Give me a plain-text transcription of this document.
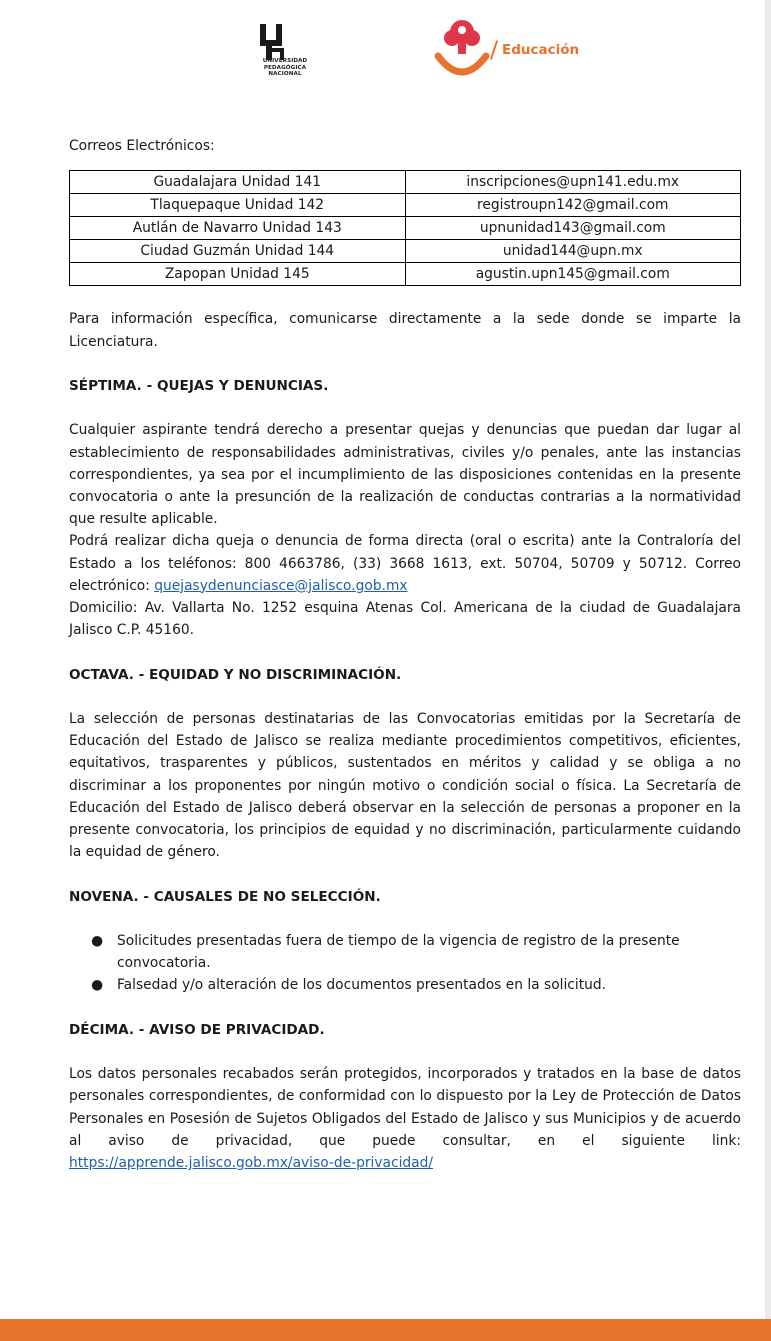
UNIVERSIDAD
PEDAGÓGICA
NACIONAL
Educación

Correos Electrónicos:

Guadalajara Unidad 141	inscripciones@upn141.edu.mx
Tlaquepaque Unidad 142	registroupn142@gmail.com
Autlán de Navarro Unidad 143	upnunidad143@gmail.com
Ciudad Guzmán Unidad 144	unidad144@upn.mx
Zapopan Unidad 145	agustin.upn145@gmail.com

Para información específica, comunicarse directamente a la sede donde se imparte la Licenciatura.

SÉPTIMA. - QUEJAS Y DENUNCIAS.

Cualquier aspirante tendrá derecho a presentar quejas y denuncias que puedan dar lugar al establecimiento de responsabilidades administrativas, civiles y/o penales, ante las instancias correspondientes, ya sea por el incumplimiento de las disposiciones contenidas en la presente convocatoria o ante la presunción de la realización de conductas contrarias a la normatividad que resulte aplicable.

Podrá realizar dicha queja o denuncia de forma directa (oral o escrita) ante la Contraloría del Estado a los teléfonos: 800 4663786, (33) 3668 1613, ext. 50704, 50709 y 50712. Correo electrónico: quejasydenunciasce@jalisco.gob.mx

Domicilio: Av. Vallarta No. 1252 esquina Atenas Col. Americana de la ciudad de Guadalajara Jalisco C.P. 45160.

OCTAVA. - EQUIDAD Y NO DISCRIMINACIÓN.

La selección de personas destinatarias de las Convocatorias emitidas por la Secretaría de Educación del Estado de Jalisco se realiza mediante procedimientos competitivos, eficientes, equitativos, trasparentes y públicos, sustentados en méritos y calidad y se obliga a no discriminar a los proponentes por ningún motivo o condición social o física. La Secretaría de Educación del Estado de Jalisco deberá observar en la selección de personas a proponer en la presente convocatoria, los principios de equidad y no discriminación, particularmente cuidando la equidad de género.

NOVENA. - CAUSALES DE NO SELECCIÓN.

● Solicitudes presentadas fuera de tiempo de la vigencia de registro de la presente convocatoria.
● Falsedad y/o alteración de los documentos presentados en la solicitud.

DÉCIMA. - AVISO DE PRIVACIDAD.

Los datos personales recabados serán protegidos, incorporados y tratados en la base de datos personales correspondientes, de conformidad con lo dispuesto por la Ley de Protección de Datos Personales en Posesión de Sujetos Obligados del Estado de Jalisco y sus Municipios y de acuerdo al aviso de privacidad, que puede consultar, en el siguiente link: https://apprende.jalisco.gob.mx/aviso-de-privacidad/
